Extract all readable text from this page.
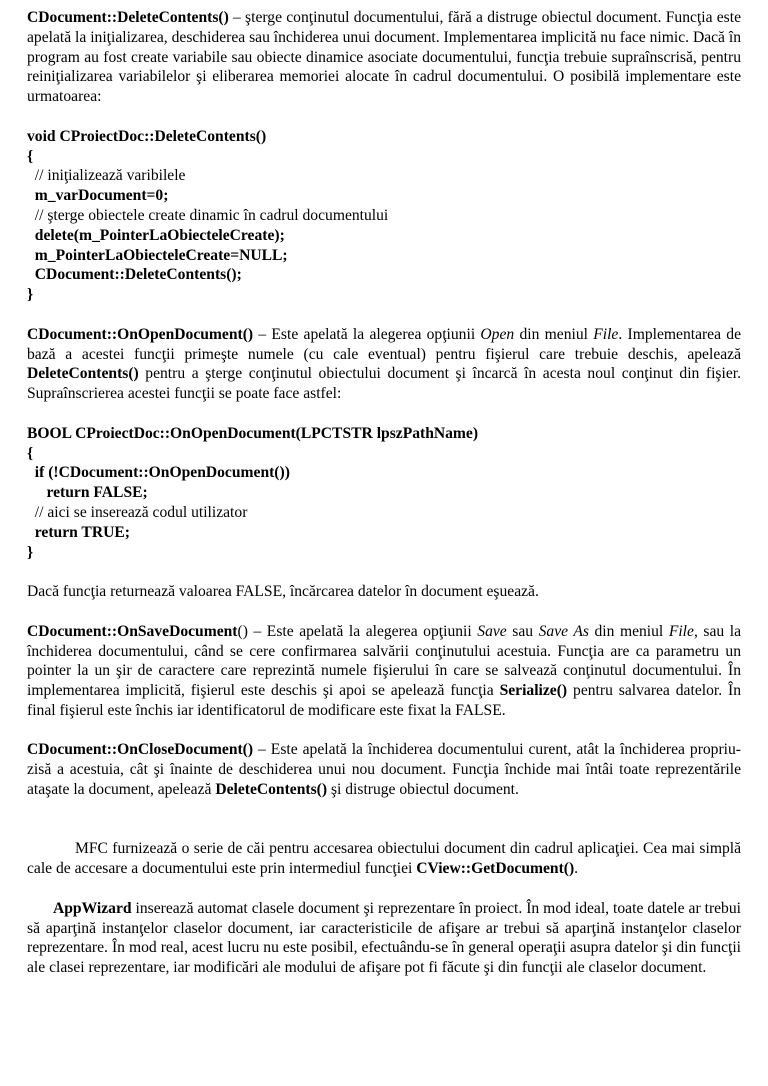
CDocument::DeleteContents() – şterge conţinutul documentului, fără a distruge obiectul document. Funcţia este apelată la iniţializarea, deschiderea sau închiderea unui document. Implementarea implicită nu face nimic. Dacă în program au fost create variabile sau obiecte dinamice asociate documentului, funcţia trebuie supraînscrisă, pentru reiniţializarea variabilelor şi eliberarea memoriei alocate în cadrul documentului. O posibilă implementare este urmatoarea:

void CProiectDoc::DeleteContents()
{
// iniţializează varibilele
m_varDocument=0;
// şterge obiectele create dinamic în cadrul documentului
delete(m_PointerLaObiecteleCreate);
m_PointerLaObiecteleCreate=NULL;
CDocument::DeleteContents();
}

CDocument::OnOpenDocument() – Este apelată la alegerea opţiunii Open din meniul File. Implementarea de bază a acestei funcţii primeşte numele (cu cale eventual) pentru fişierul care trebuie deschis, apelează DeleteContents() pentru a şterge conţinutul obiectului document şi încarcă în acesta noul conţinut din fişier. Supraînscrierea acestei funcţii se poate face astfel:

BOOL CProiectDoc::OnOpenDocument(LPCTSTR lpszPathName)
{
if (!CDocument::OnOpenDocument())
return FALSE;
// aici se inserează codul utilizator
return TRUE;
}

Dacă funcţia returnează valoarea FALSE, încărcarea datelor în document eşuează.

CDocument::OnSaveDocument() – Este apelată la alegerea opţiunii Save sau Save As din meniul File, sau la închiderea documentului, când se cere confirmarea salvării conţinutului acestuia. Funcţia are ca parametru un pointer la un şir de caractere care reprezintă numele fişierului în care se salvează conţinutul documentului. În implementarea implicită, fişierul este deschis şi apoi se apelează funcţia Serialize() pentru salvarea datelor. În final fişierul este închis iar identificatorul de modificare este fixat la FALSE.

CDocument::OnCloseDocument() – Este apelată la închiderea documentului curent, atât la închiderea propriu-zisă a acestuia, cât şi înainte de deschiderea unui nou document. Funcţia închide mai întâi toate reprezentările ataşate la document, apelează DeleteContents() şi distruge obiectul document.

MFC furnizează o serie de căi pentru accesarea obiectului document din cadrul aplicaţiei. Cea mai simplă cale de accesare a documentului este prin intermediul funcţiei CView::GetDocument().

AppWizard inserează automat clasele document şi reprezentare în proiect. În mod ideal, toate datele ar trebui să aparţină instanţelor claselor document, iar caracteristicile de afişare ar trebui să aparţină instanţelor claselor reprezentare. În mod real, acest lucru nu este posibil, efectuându-se în general operaţii asupra datelor şi din funcţii ale clasei reprezentare, iar modificări ale modului de afişare pot fi făcute şi din funcţii ale claselor document.
